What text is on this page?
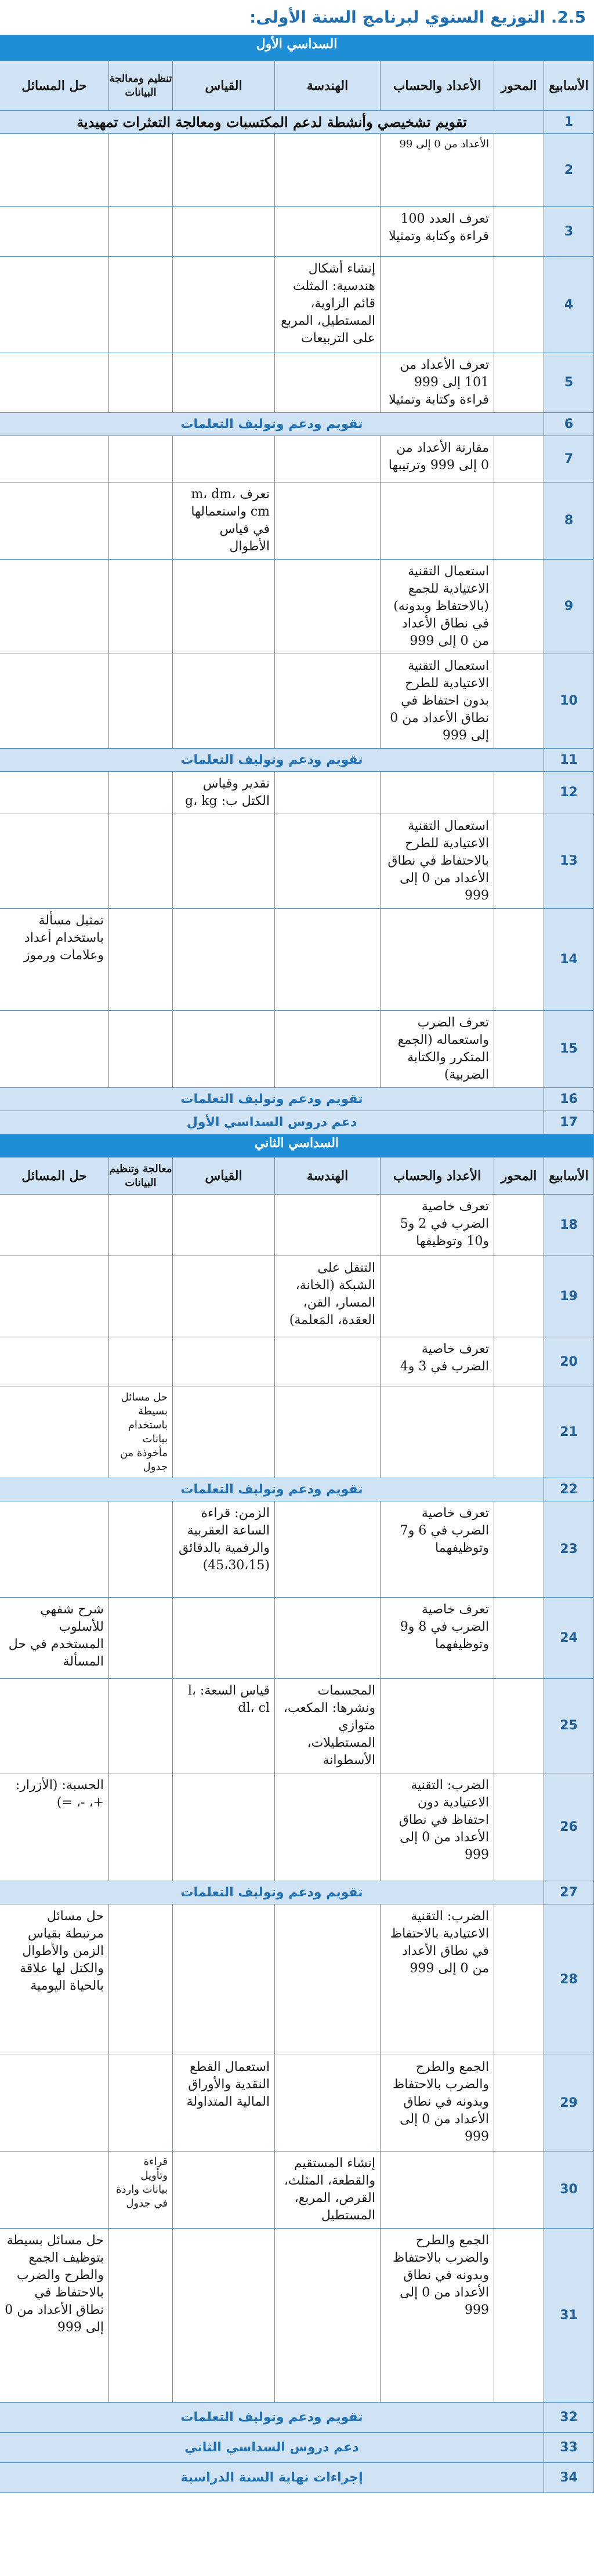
2.5. التوزيع السنوي لبرنامج السنة الأولى:
السداسي الأول						
الأسابيع	المحور	الأعداد والحساب	الهندسة	القياس	تنظيم ومعالجة البيانات	حل المسائل
1	تقويم تشخيصي وأنشطة لدعم المكتسبات ومعالجة التعثرات تمهيدية					
2		الأعداد من 0 إلى 99				
3		تعرف العدد 100 قراءة وكتابة وتمثيلا				
4			إنشاء أشكال هندسية: المثلث قائم الزاوية، المستطيل، المربع على التربيعات			
5		تعرف الأعداد من 101 إلى 999 قراءة وكتابة وتمثيلا				
6	تقويم ودعم وتوليف التعلمات					
7		مقارنة الأعداد من 0 إلى 999 وترتيبها				
8				تعرف m، dm، cm واستعمالها في قياس الأطوال		
9		استعمال التقنية الاعتيادية للجمع (بالاحتفاظ وبدونه) في نطاق الأعداد من 0 إلى 999				
10		استعمال التقنية الاعتيادية للطرح بدون احتفاظ في نطاق الأعداد من 0 إلى 999				
11	تقويم ودعم وتوليف التعلمات					
12				تقدير وقياس الكتل ب: g، kg		
13		استعمال التقنية الاعتيادية للطرح بالاحتفاظ في نطاق الأعداد من 0 إلى 999				
14						تمثيل مسألة باستخدام أعداد وعلامات ورموز
15		تعرف الضرب واستعماله (الجمع المتكرر والكتابة الضربية)				
16	تقويم ودعم وتوليف التعلمات					
17	دعم دروس السداسي الأول					
السداسي الثاني						
الأسابيع	المحور	الأعداد والحساب	الهندسة	القياس	معالجة وتنظيم البيانات	حل المسائل
18		تعرف خاصية الضرب في 2 و5 و10 وتوظيفها				
19			التنقل على الشبكة (الخانة، المسار، القن، العقدة، المَعلمة)			
20		تعرف خاصية الضرب في 3 و4				
21					حل مسائل بسيطة باستخدام بيانات مأخوذة من جدول	
22	تقويم ودعم وتوليف التعلمات					
23		تعرف خاصية الضرب في 6 و7 وتوظيفهما		الزمن: قراءة الساعة العقربية والرقمية بالدقائق (45،30،15)		
24		تعرف خاصية الضرب في 8 و9 وتوظيفهما				شرح شفهي للأسلوب المستخدم في حل المسألة
25			المجسمات ونشرها: المكعب، متوازي المستطيلات، الأسطوانة	قياس السعة: l، dl، cl		
26		الضرب: التقنية الاعتيادية دون احتفاظ في نطاق الأعداد من 0 إلى 999				الحسبة: (الأزرار: +، -، =)
27	تقويم ودعم وتوليف التعلمات					
28		الضرب: التقنية الاعتيادية بالاحتفاظ في نطاق الأعداد من 0 إلى 999				حل مسائل مرتبطة بقياس الزمن والأطوال والكتل لها علاقة بالحياة اليومية
29		الجمع والطرح والضرب بالاحتفاظ وبدونه في نطاق الأعداد من 0 إلى 999		استعمال القطع النقدية والأوراق المالية المتداولة		
30			إنشاء المستقيم والقطعة، المثلث، القرص، المربع، المستطيل		قراءة وتأويل بيانات واردة في جدول	
31		الجمع والطرح والضرب بالاحتفاظ وبدونه في نطاق الأعداد من 0 إلى 999				حل مسائل بسيطة بتوظيف الجمع والطرح والضرب بالاحتفاظ في نطاق الأعداد من 0 إلى 999
32	تقويم ودعم وتوليف التعلمات					
33	دعم دروس السداسي الثاني					
34	إجراءات نهاية السنة الدراسية					
